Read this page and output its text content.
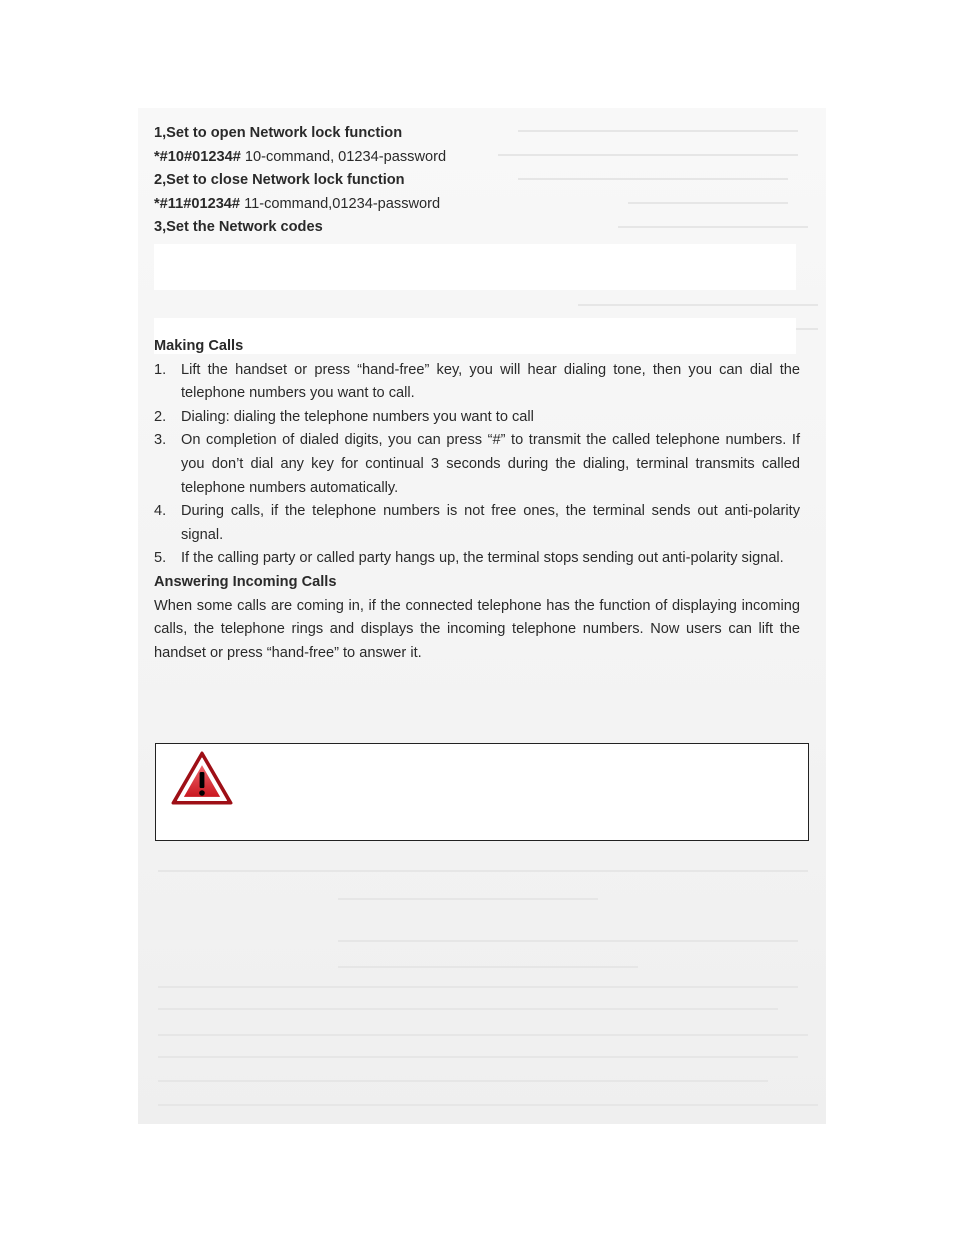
1,Set to open Network lock function
*#10#01234# 10-command, 01234-password
2,Set to close Network lock function
*#11#01234# 11-command,01234-password
3,Set the Network codes
Making Calls
1. Lift the handset or press “hand-free” key, you will hear dialing tone, then you can dial the telephone numbers you want to call.
2. Dialing: dialing the telephone numbers you want to call
3. On completion of dialed digits, you can press “#” to transmit the called telephone numbers. If you don’t dial any key for continual 3 seconds during the dialing, terminal transmits called telephone numbers automatically.
4. During calls, if the telephone numbers is not free ones, the terminal sends out anti-polarity signal.
5. If the calling party or called party hangs up, the terminal stops sending out anti-polarity signal.
Answering Incoming Calls
When some calls are coming in, if the connected telephone has the function of displaying incoming calls, the telephone rings and displays the incoming telephone numbers. Now users can lift the handset or press “hand-free” to answer it.
